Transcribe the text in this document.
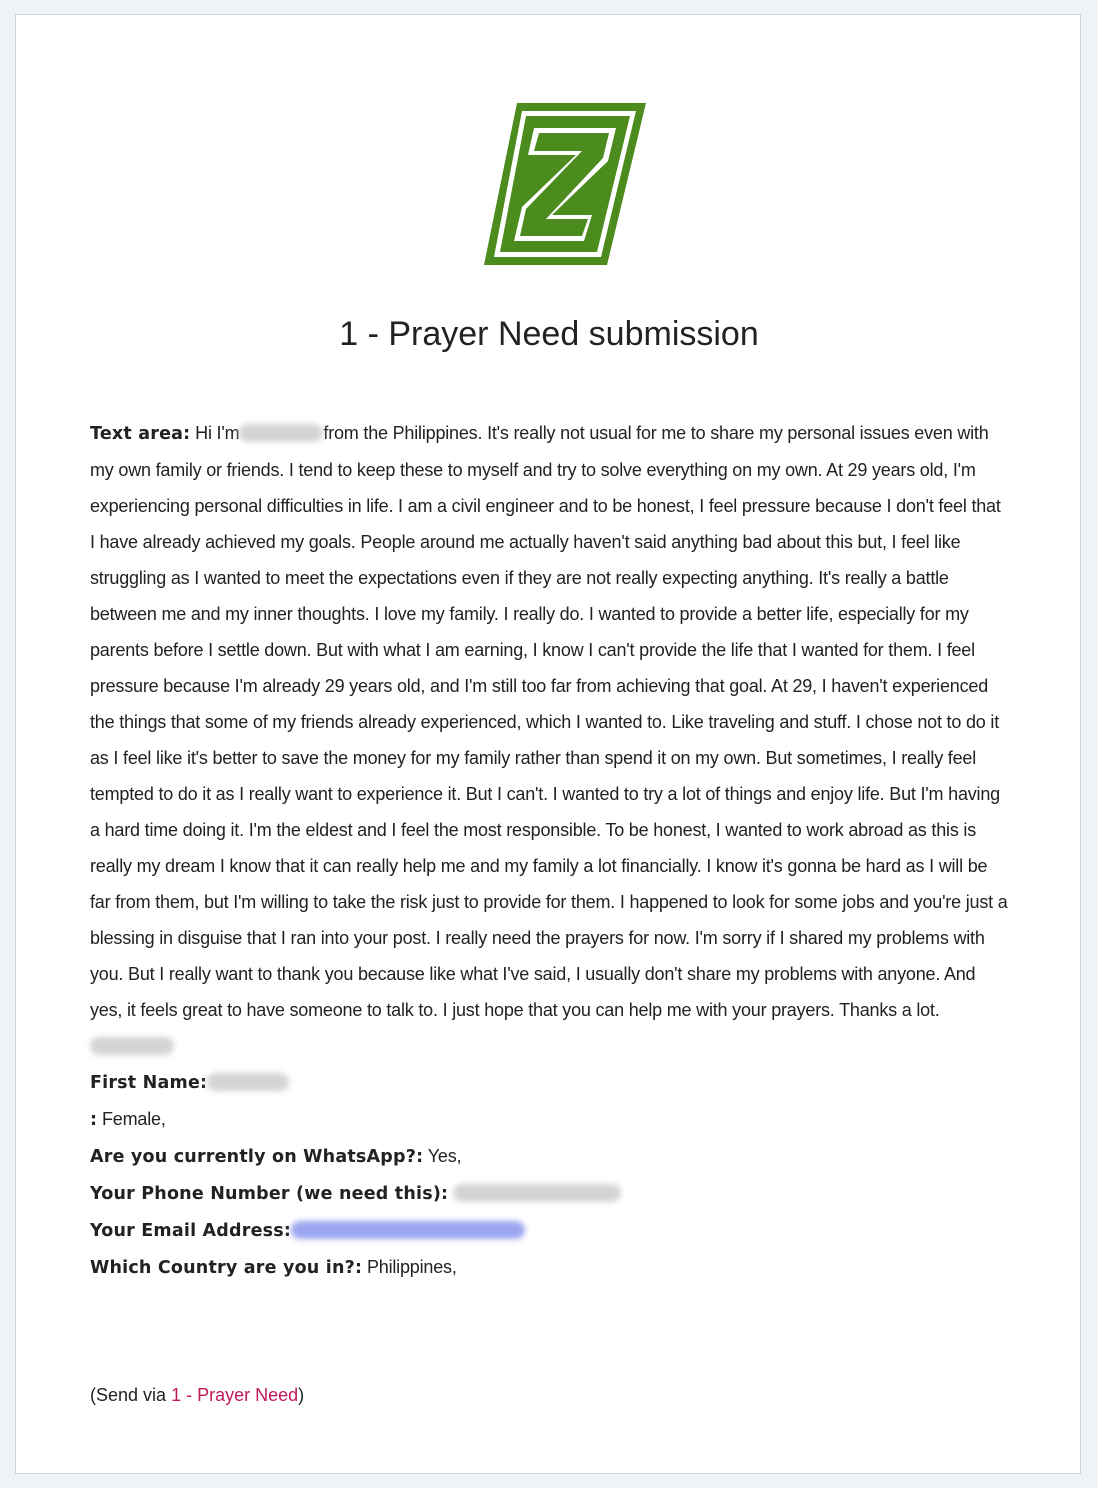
1 - Prayer Need submission
Text area: Hi I'm	from the Philippines. It's really not usual for me to share my personal issues even with my own family or friends. I tend to keep these to myself and try to solve everything on my own. At 29 years old, I'm experiencing personal difficulties in life. I am a civil engineer and to be honest, I feel pressure because I don't feel that I have already achieved my goals. People around me actually haven't said anything bad about this but, I feel like struggling as I wanted to meet the expectations even if they are not really expecting anything. It's really a battle between me and my inner thoughts. I love my family. I really do. I wanted to provide a better life, especially for my parents before I settle down. But with what I am earning, I know I can't provide the life that I wanted for them. I feel pressure because I'm already 29 years old, and I'm still too far from achieving that goal. At 29, I haven't experienced the things that some of my friends already experienced, which I wanted to. Like traveling and stuff. I chose not to do it as I feel like it's better to save the money for my family rather than spend it on my own. But sometimes, I really feel tempted to do it as I really want to experience it. But I can't. I wanted to try a lot of things and enjoy life. But I'm having a hard time doing it. I'm the eldest and I feel the most responsible. To be honest, I wanted to work abroad as this is really my dream I know that it can really help me and my family a lot financially. I know it's gonna be hard as I will be far from them, but I'm willing to take the risk just to provide for them. I happened to look for some jobs and you're just a blessing in disguise that I ran into your post. I really need the prayers for now. I'm sorry if I shared my problems with you. But I really want to thank you because like what I've said, I usually don't share my problems with anyone. And yes, it feels great to have someone to talk to. I just hope that you can help me with your prayers. Thanks a lot.
First Name:
: Female,
Are you currently on WhatsApp?: Yes,
Your Phone Number (we need this):
Your Email Address:
Which Country are you in?: Philippines,
(Send via 1 - Prayer Need)
